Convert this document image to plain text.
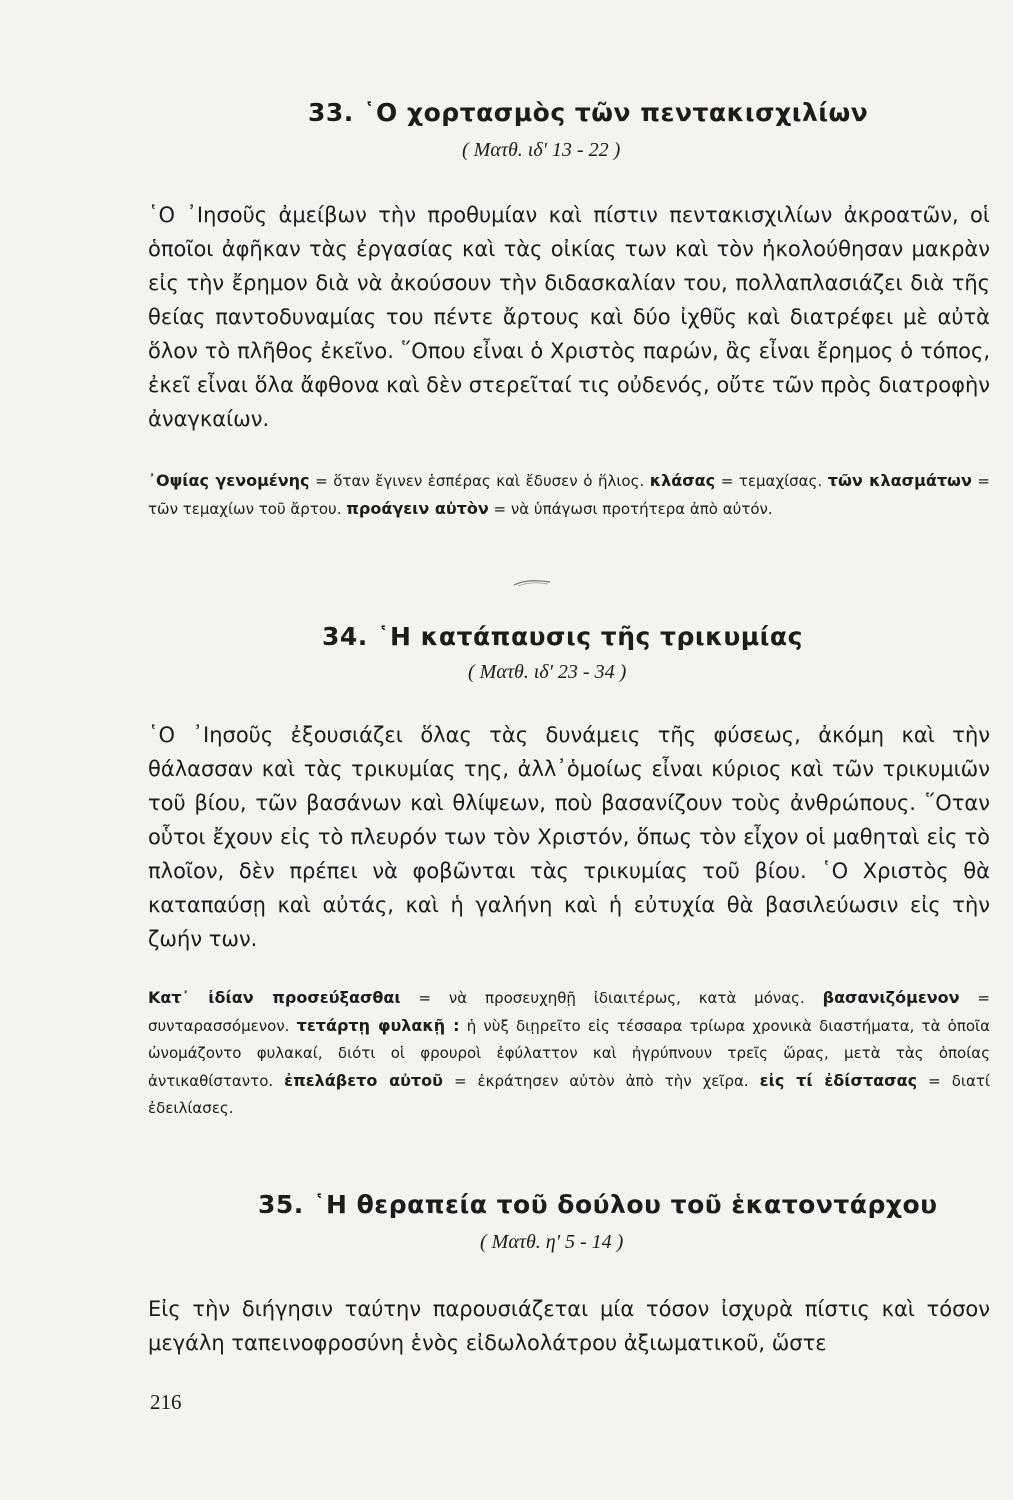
33. ῾Ο χορτασμὸς τῶν πεντακισχιλίων

( Ματθ. ιδ' 13 - 22 )

῾Ο ᾿Ιησοῦς ἀμείβων τὴν προθυμίαν καὶ πίστιν πεντακισχιλίων ἀκροατῶν, οἱ ὁποῖοι ἀφῆκαν τὰς ἐργασίας καὶ τὰς οἰκίας των καὶ τὸν ἠκολούθησαν μακρὰν εἰς τὴν ἔρημον διὰ νὰ ἀκούσουν τὴν διδασκαλίαν του, πολλαπλασιάζει διὰ τῆς θείας παντοδυναμίας του πέντε ἄρτους καὶ δύο ἰχθῦς καὶ διατρέφει μὲ αὐτὰ ὅλον τὸ πλῆθος ἐκεῖνο. ῞Οπου εἶναι ὁ Χριστὸς παρών, ἂς εἶναι ἔρημος ὁ τόπος, ἐκεῖ εἶναι ὅλα ἄφθονα καὶ δὲν στερεῖταί τις οὐδενός, οὔτε τῶν πρὸς διατροφὴν ἀναγκαίων.

᾿Οψίας γενομένης = ὅταν ἔγινεν ἑσπέρας καὶ ἔδυσεν ὁ ἥλιος. κλάσας = τεμαχίσας. τῶν κλασμάτων = τῶν τεμαχίων τοῦ ἄρτου. προάγειν αὐτὸν = νὰ ὑπάγωσι προτήτερα ἀπὸ αὐτόν.

34. ῾Η κατάπαυσις τῆς τρικυμίας

( Ματθ. ιδ' 23 - 34 )

῾Ο ᾿Ιησοῦς ἐξουσιάζει ὅλας τὰς δυνάμεις τῆς φύσεως, ἀκόμη καὶ τὴν θάλασσαν καὶ τὰς τρικυμίας της, ἀλλ᾿ὁμοίως εἶναι κύριος καὶ τῶν τρικυμιῶν τοῦ βίου, τῶν βασάνων καὶ θλίψεων, ποὺ βασανίζουν τοὺς ἀνθρώπους. ῞Οταν οὗτοι ἔχουν εἰς τὸ πλευρόν των τὸν Χριστόν, ὅπως τὸν εἶχον οἱ μαθηταὶ εἰς τὸ πλοῖον, δὲν πρέπει νὰ φοβῶνται τὰς τρικυμίας τοῦ βίου. ῾Ο Χριστὸς θὰ καταπαύσῃ καὶ αὐτάς, καὶ ἡ γαλήνη καὶ ἡ εὐτυχία θὰ βασιλεύωσιν εἰς τὴν ζωήν των.

Κατ᾿ ἰδίαν προσεύξασθαι = νὰ προσευχηθῇ ἰδιαιτέρως, κατὰ μόνας. βασανιζόμενον = συνταρασσόμενον. τετάρτῃ φυλακῇ : ἡ νὺξ διῃρεῖτο εἰς τέσσαρα τρίωρα χρονικὰ διαστήματα, τὰ ὁποῖα ὠνομάζοντο φυλακαί, διότι οἱ φρουροὶ ἐφύλαττον καὶ ἠγρύπνουν τρεῖς ὥρας, μετὰ τὰς ὁποίας ἀντικαθίσταντο. ἐπελάβετο αὐτοῦ = ἐκράτησεν αὐτὸν ἀπὸ τὴν χεῖρα. εἰς τί ἐδίστασας = διατί ἐδειλίασες.

35. ῾Η θεραπεία τοῦ δούλου τοῦ ἑκατοντάρχου

( Ματθ. η' 5 - 14 )

Εἰς τὴν διήγησιν ταύτην παρουσιάζεται μία τόσον ἰσχυρὰ πίστις καὶ τόσον μεγάλη ταπεινοφροσύνη ἑνὸς εἰδωλολάτρου ἀξιωματικοῦ, ὥστε

216
